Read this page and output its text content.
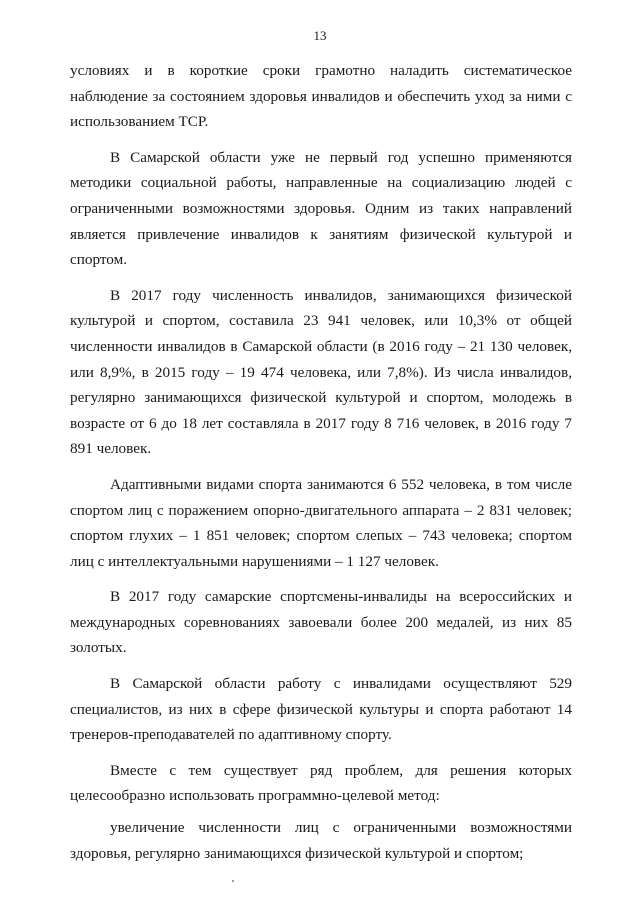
13

условиях и в короткие сроки грамотно наладить систематическое наблюдение за состоянием здоровья инвалидов и обеспечить уход за ними с использованием ТСР.

В Самарской области уже не первый год успешно применяются методики социальной работы, направленные на социализацию людей с ограниченными возможностями здоровья. Одним из таких направлений является привлечение инвалидов к занятиям физической культурой и спортом.

В 2017 году численность инвалидов, занимающихся физической культурой и спортом, составила 23 941 человек, или 10,3% от общей численности инвалидов в Самарской области (в 2016 году – 21 130 человек, или 8,9%, в 2015 году – 19 474 человека, или 7,8%). Из числа инвалидов, регулярно занимающихся физической культурой и спортом, молодежь в возрасте от 6 до 18 лет составляла в 2017 году 8 716 человек, в 2016 году 7 891 человек.

Адаптивными видами спорта занимаются 6 552 человека, в том числе спортом лиц с поражением опорно-двигательного аппарата – 2 831 человек; спортом глухих – 1 851 человек; спортом слепых – 743 человека; спортом лиц с интеллектуальными нарушениями – 1 127 человек.

В 2017 году самарские спортсмены-инвалиды на всероссийских и международных соревнованиях завоевали более 200 медалей, из них 85 золотых.

В Самарской области работу с инвалидами осуществляют 529 специалистов, из них в сфере физической культуры и спорта работают 14 тренеров-преподавателей по адаптивному спорту.

Вместе с тем существует ряд проблем, для решения которых целесообразно использовать программно-целевой метод:

увеличение численности лиц с ограниченными возможностями здоровья, регулярно занимающихся физической культурой и спортом;
